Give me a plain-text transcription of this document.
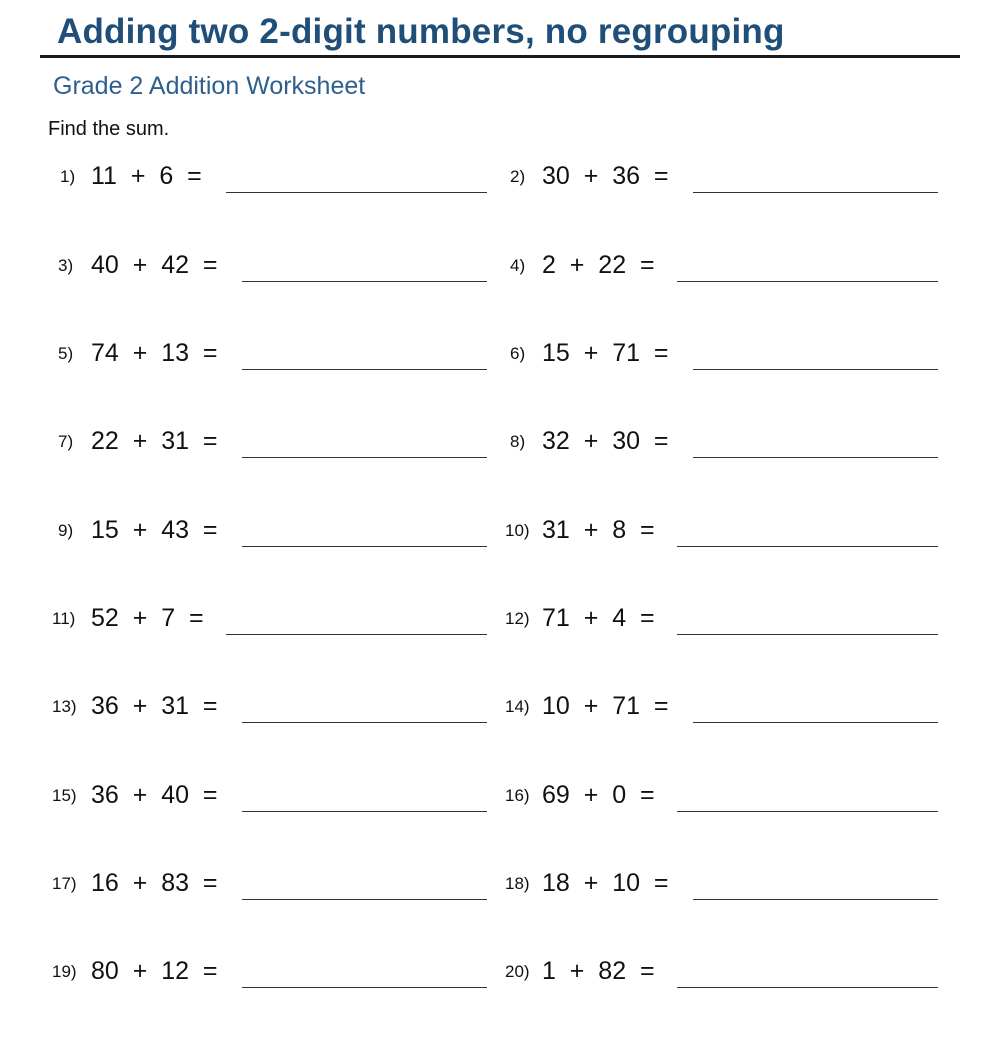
Adding two 2-digit numbers, no regrouping
Grade 2 Addition Worksheet
Find the sum.
1) 11  +  6  =	2) 30  +  36  =
3) 40  +  42  =	4) 2  +  22  =
5) 74  +  13  =	6) 15  +  71  =
7) 22  +  31  =	8) 32  +  30  =
9) 15  +  43  =	10) 31  +  8  =
11) 52  +  7  =	12) 71  +  4  =
13) 36  +  31  =	14) 10  +  71  =
15) 36  +  40  =	16) 69  +  0  =
17) 16  +  83  =	18) 18  +  10  =
19) 80  +  12  =	20) 1  +  82  =
